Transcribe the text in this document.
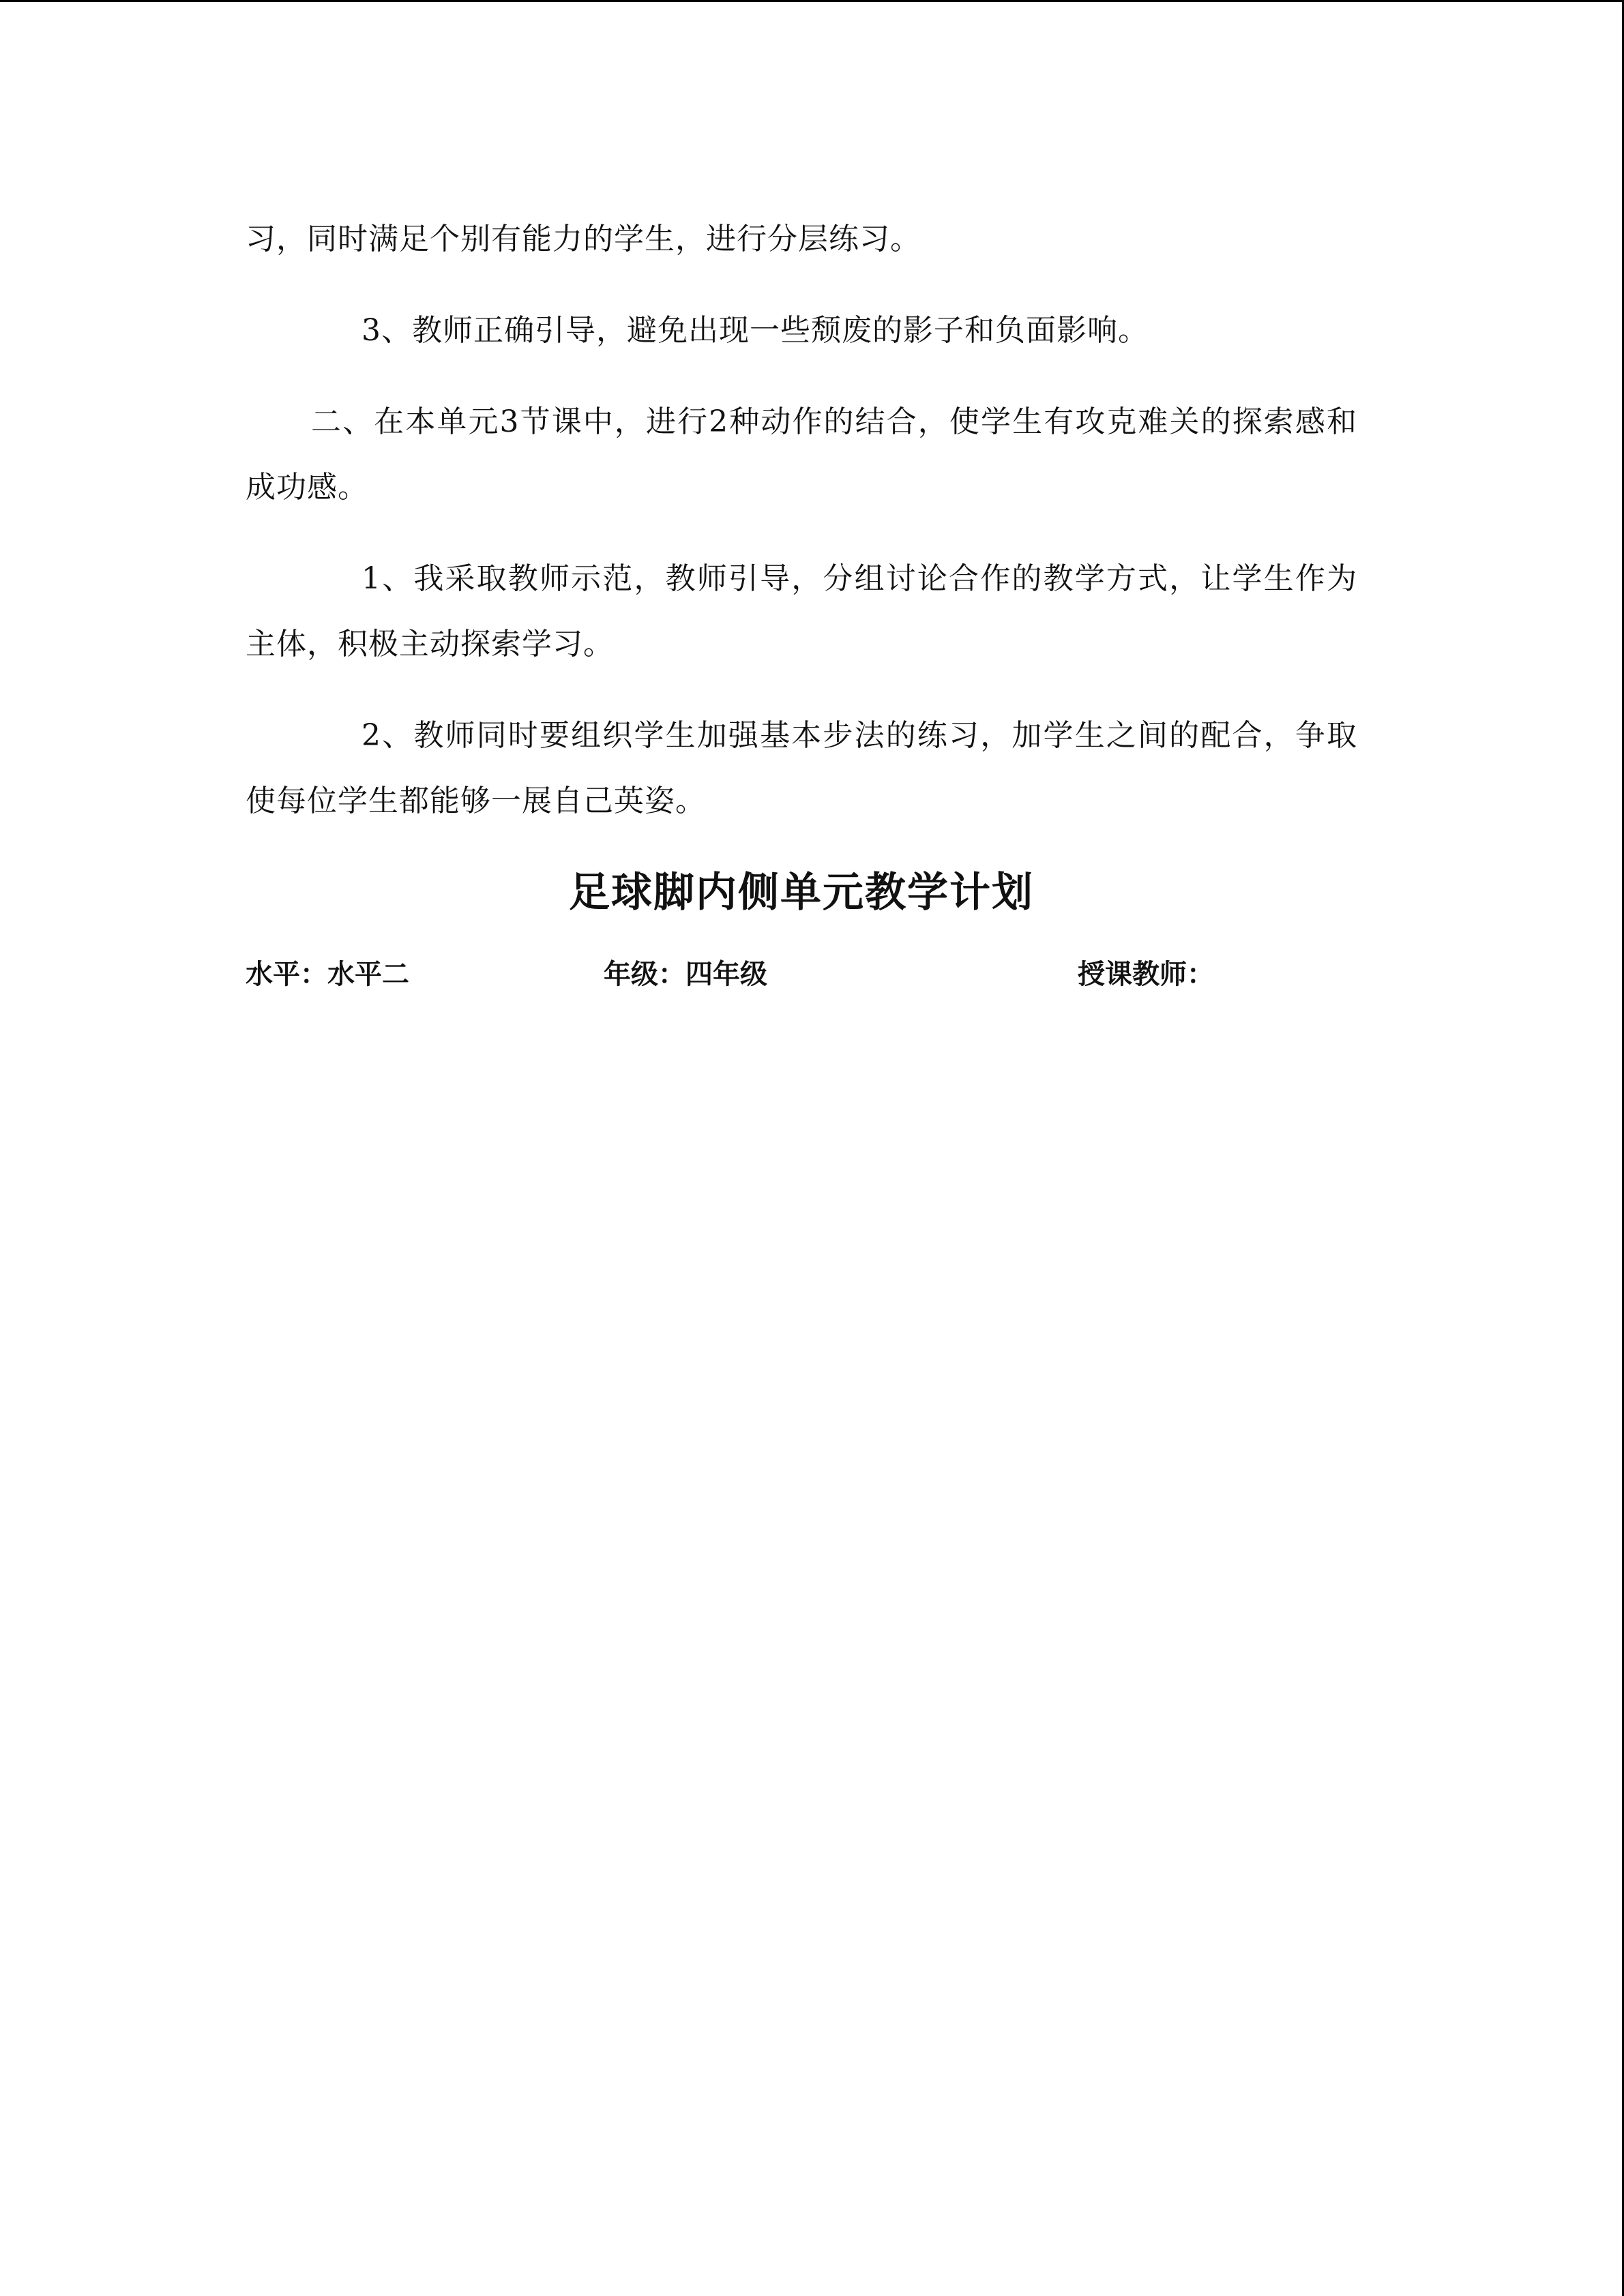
习，同时满足个别有能力的学生，进行分层练习。

3、教师正确引导，避免出现一些颓废的影子和负面影响。

二、在本单元3节课中，进行2种动作的结合，使学生有攻克难关的探索感和成功感。

1、我采取教师示范，教师引导，分组讨论合作的教学方式，让学生作为主体，积极主动探索学习。

2、教师同时要组织学生加强基本步法的练习，加学生之间的配合，争取使每位学生都能够一展自己英姿。

足球脚内侧单元教学计划
水平：水平二	年级：四年级	授课教师：
